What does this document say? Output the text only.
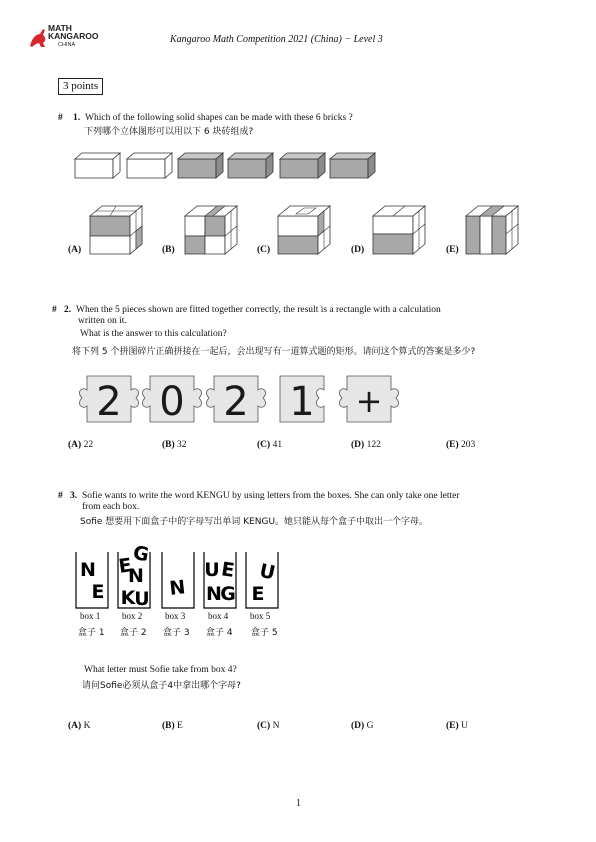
MATH
KANGAROO
CHINA	Kangaroo Math Competition 2021 (China) − Level 3
3 points
# 1. Which of the following solid shapes can be made with these 6 bricks ?
下列哪个立体图形可以用以下 6 块砖组成?
(A)	(B)	(C)	(D)	(E)
# 2. When the 5 pieces shown are fitted together correctly, the result is a rectangle with a calculation
written on it.
What is the answer to this calculation?
将下列 5 个拼图碎片正确拼接在一起后，会出现写有一道算式题的矩形。请问这个算式的答案是多少?
2 0 2 1 +
(A) 22	(B) 32	(C) 41	(D) 122	(E) 203
# 3. Sofie wants to write the word KENGU by using letters from the boxes. She can only take one letter
from each box.
Sofie 想要用下面盒子中的字母写出单词 KENGU。她只能从每个盒子中取出一个字母。
N
E
E
G
N
K
U N
U E
N
G
U
E
box 1 box 2	box 3	box 4 box 5
盒子 1 盒子 2 盒子 3 盒子 4 盒子 5
What letter must Sofie take from box 4?
请问Sofie必须从盒子4中拿出哪个字母?
(A) K	(B) E	(C) N	(D) G	(E) U
1
